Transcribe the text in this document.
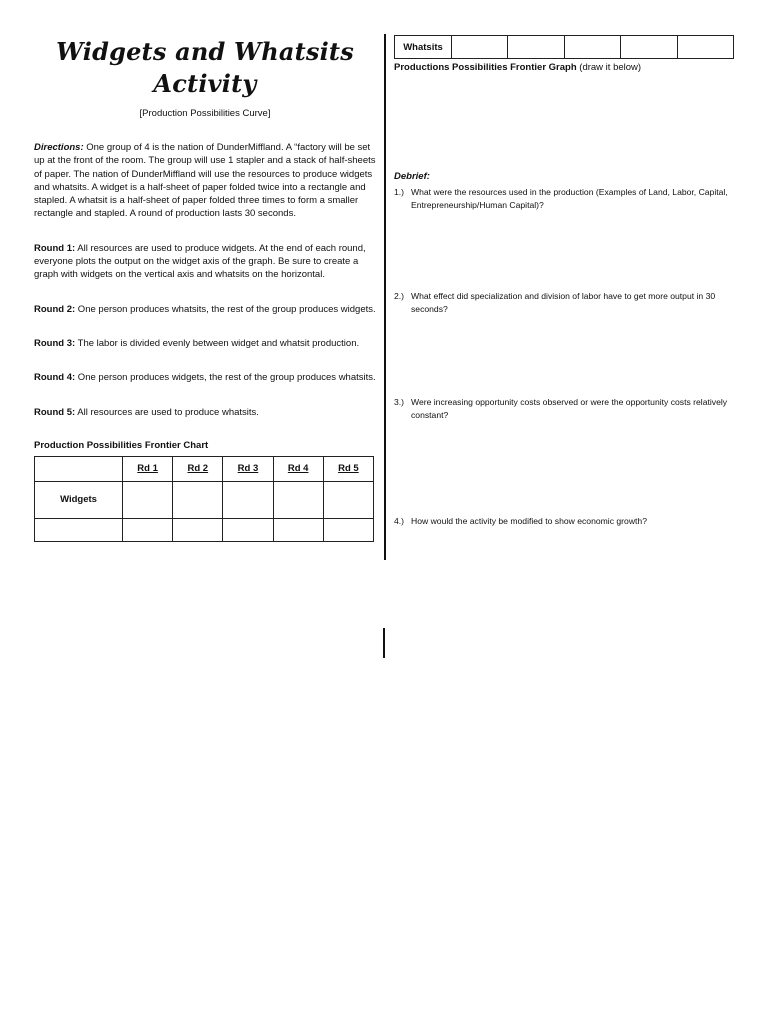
Widgets and Whatsits Activity
[Production Possibilities Curve]

Directions: One group of 4 is the nation of DunderMiffland. A “factory will be set up at the front of the room. The group will use 1 stapler and a stack of half-sheets of paper. The nation of DunderMiffland will use the resources to produce widgets and whatsits. A widget is a half-sheet of paper folded twice into a rectangle and stapled. A whatsit is a half-sheet of paper folded three times to form a smaller rectangle and stapled. A round of production lasts 30 seconds.

Round 1: All resources are used to produce widgets. At the end of each round, everyone plots the output on the widget axis of the graph. Be sure to create a graph with widgets on the vertical axis and whatsits on the horizontal.

Round 2: One person produces whatsits, the rest of the group produces widgets.

Round 3: The labor is divided evenly between widget and whatsit production.

Round 4: One person produces widgets, the rest of the group produces whatsits.

Round 5: All resources are used to produce whatsits.

Production Possibilities Frontier Chart
	Rd 1	Rd 2	Rd 3	Rd 4	Rd 5
Widgets					

Whatsits					
Productions Possibilities Frontier Graph (draw it below)
Debrief:
1.) What were the resources used in the production (Examples of Land, Labor, Capital, Entrepreneurship/Human Capital)?
2.) What effect did specialization and division of labor have to get more output in 30 seconds?
3.) Were increasing opportunity costs observed or were the opportunity costs relatively constant?
4.) How would the activity be modified to show economic growth?
